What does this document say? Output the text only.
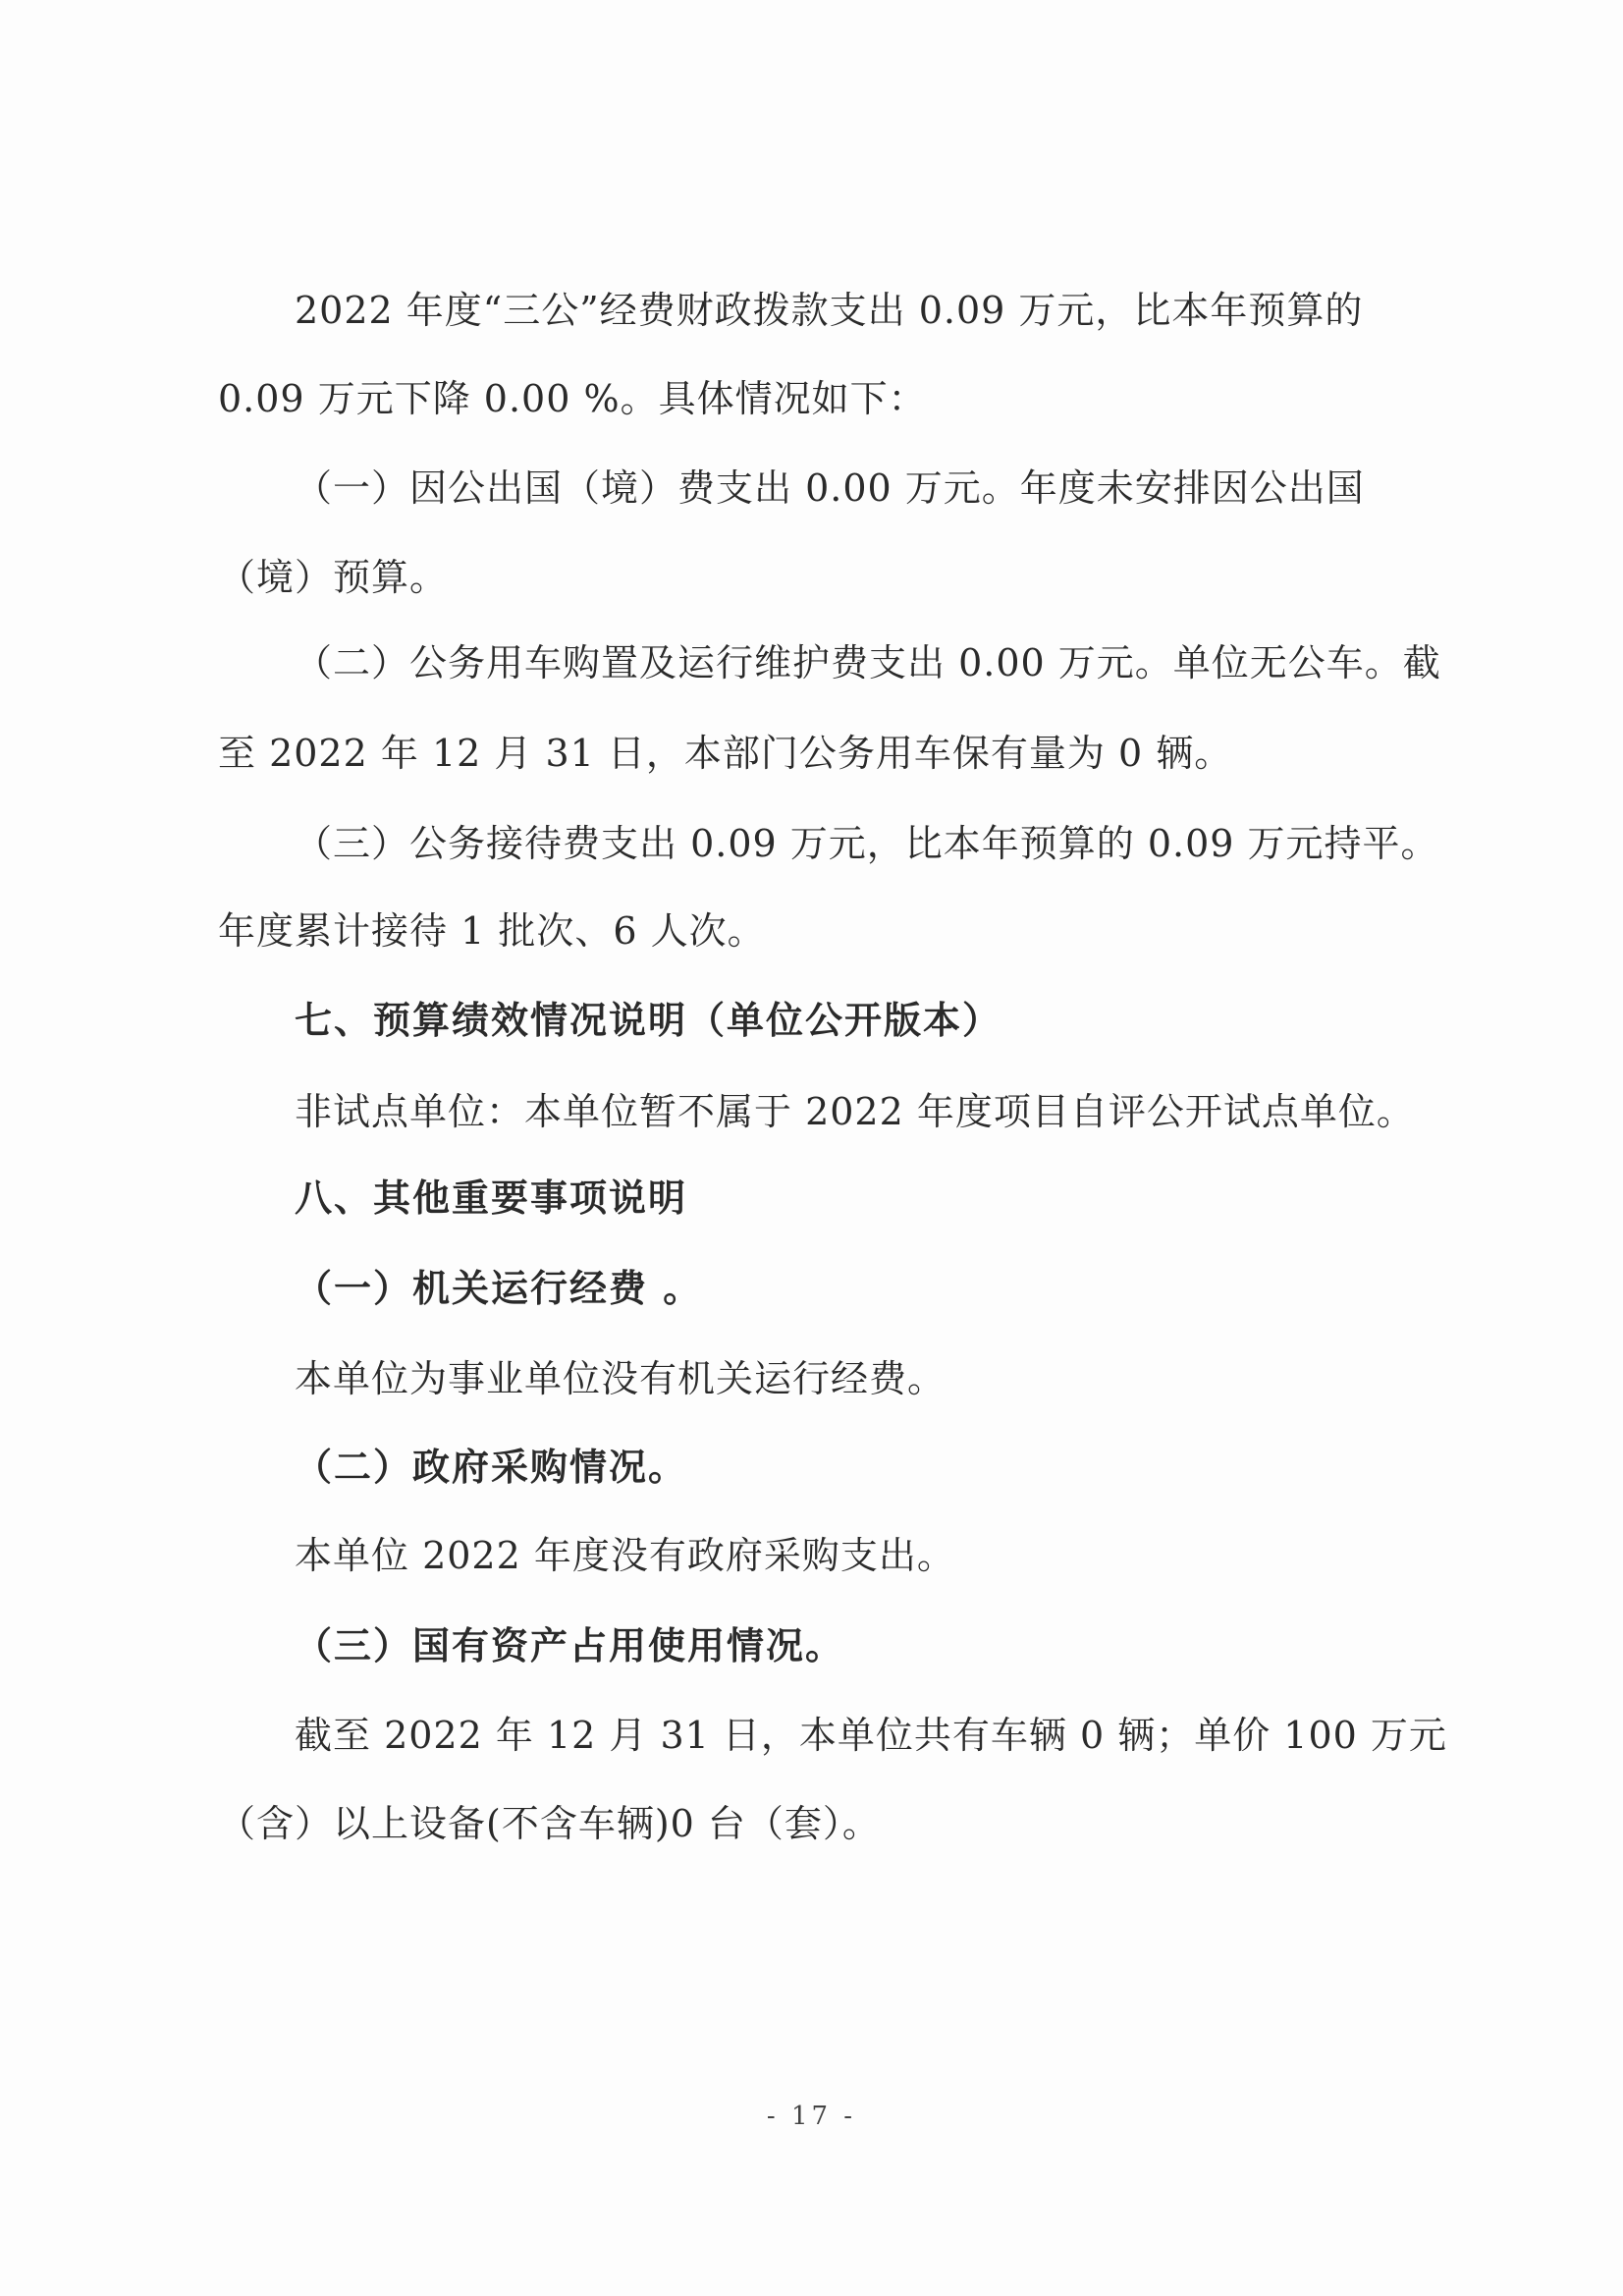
2022 年度“三公”经费财政拨款支出 0.09 万元，比本年预算的
0.09 万元下降 0.00 %。具体情况如下：
（一）因公出国（境）费支出 0.00 万元。年度未安排因公出国
（境）预算。
（二）公务用车购置及运行维护费支出 0.00 万元。单位无公车。截
至 2022 年 12 月 31 日，本部门公务用车保有量为 0 辆。
（三）公务接待费支出 0.09 万元，比本年预算的 0.09 万元持平。
年度累计接待 1 批次、6 人次。
七、预算绩效情况说明（单位公开版本）
非试点单位：本单位暂不属于 2022 年度项目自评公开试点单位。
八、其他重要事项说明
（一）机关运行经费 。
本单位为事业单位没有机关运行经费。
（二）政府采购情况。
本单位 2022 年度没有政府采购支出。
（三）国有资产占用使用情况。
截至 2022 年 12 月 31 日，本单位共有车辆 0 辆；单价 100 万元
（含）以上设备(不含车辆)0 台（套）。
- 17 -
